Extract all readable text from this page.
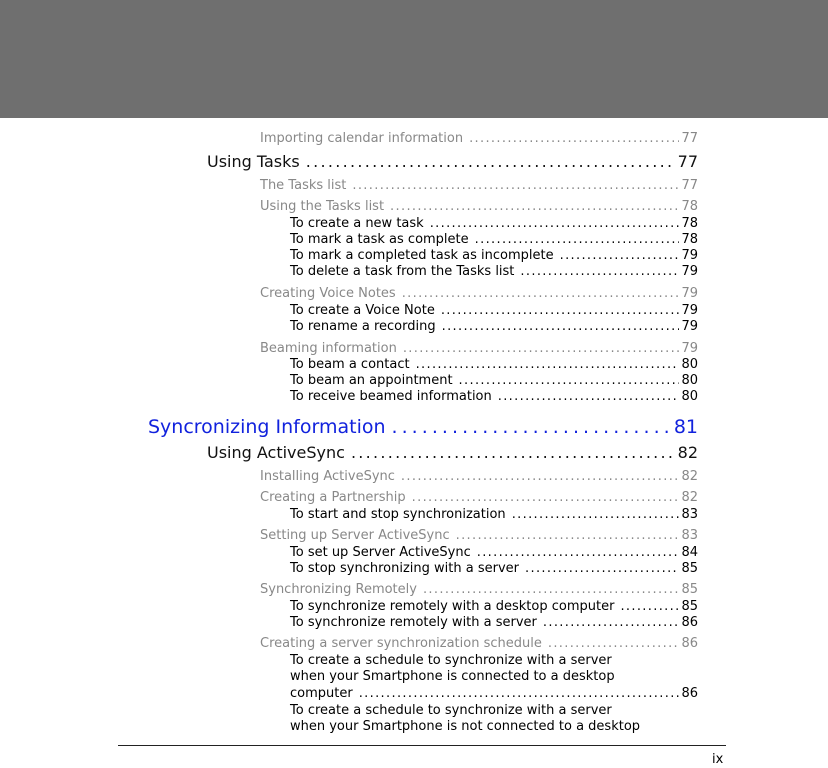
Importing calendar information . . .	77
Using Tasks . . .	77
The Tasks list . . .	77
Using the Tasks list . . .	78
To create a new task . . .	78
To mark a task as complete . . .	78
To mark a completed task as incomplete . . .	79
To delete a task from the Tasks list . . .	79
Creating Voice Notes . . .	79
To create a Voice Note . . .	79
To rename a recording . . .	79
Beaming information . . .	79
To beam a contact . . .	80
To beam an appointment . . .	80
To receive beamed information . . .	80
Syncronizing Information . . .	81
Using ActiveSync . . .	82
Installing ActiveSync . . .	82
Creating a Partnership . . .	82
To start and stop synchronization . . .	83
Setting up Server ActiveSync . . .	83
To set up Server ActiveSync . . .	84
To stop synchronizing with a server . . .	85
Synchronizing Remotely . . .	85
To synchronize remotely with a desktop computer . . .	85
To synchronize remotely with a server . . .	86
Creating a server synchronization schedule . . .	86
To create a schedule to synchronize with a server
when your Smartphone is connected to a desktop
computer . . .	86
To create a schedule to synchronize with a server
when your Smartphone is not connected to a desktop
ix
